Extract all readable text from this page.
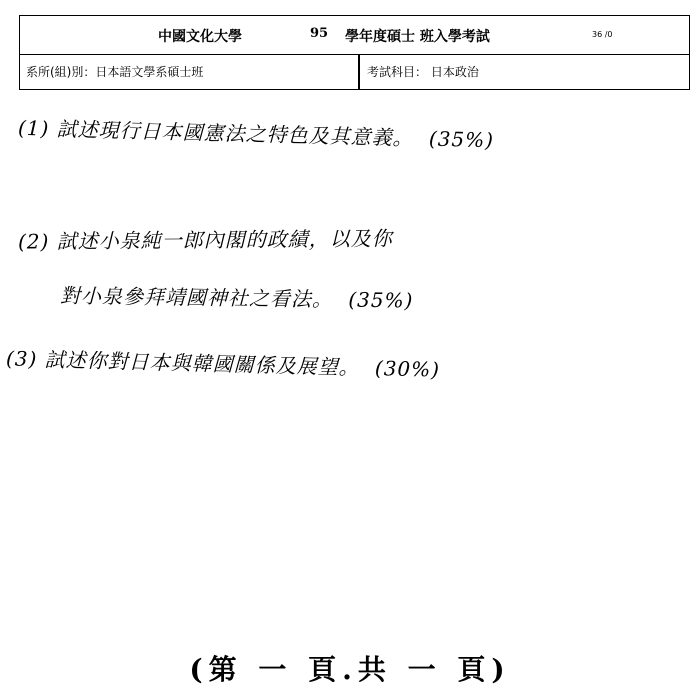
中國文化大學	95 學年度碩士 班入學考試	36 /0
系所(組)別：日本語文學系碩士班	考試科目： 日本政治
(1) 試述現行日本國憲法之特色及其意義。 (35%)
(2) 試述小泉純一郎內閣的政績，以及你
對小泉參拜靖國神社之看法。 (35%)
(3) 試述你對日本與韓國關係及展望。 (30%)
(第 一 頁.共 一 頁)
